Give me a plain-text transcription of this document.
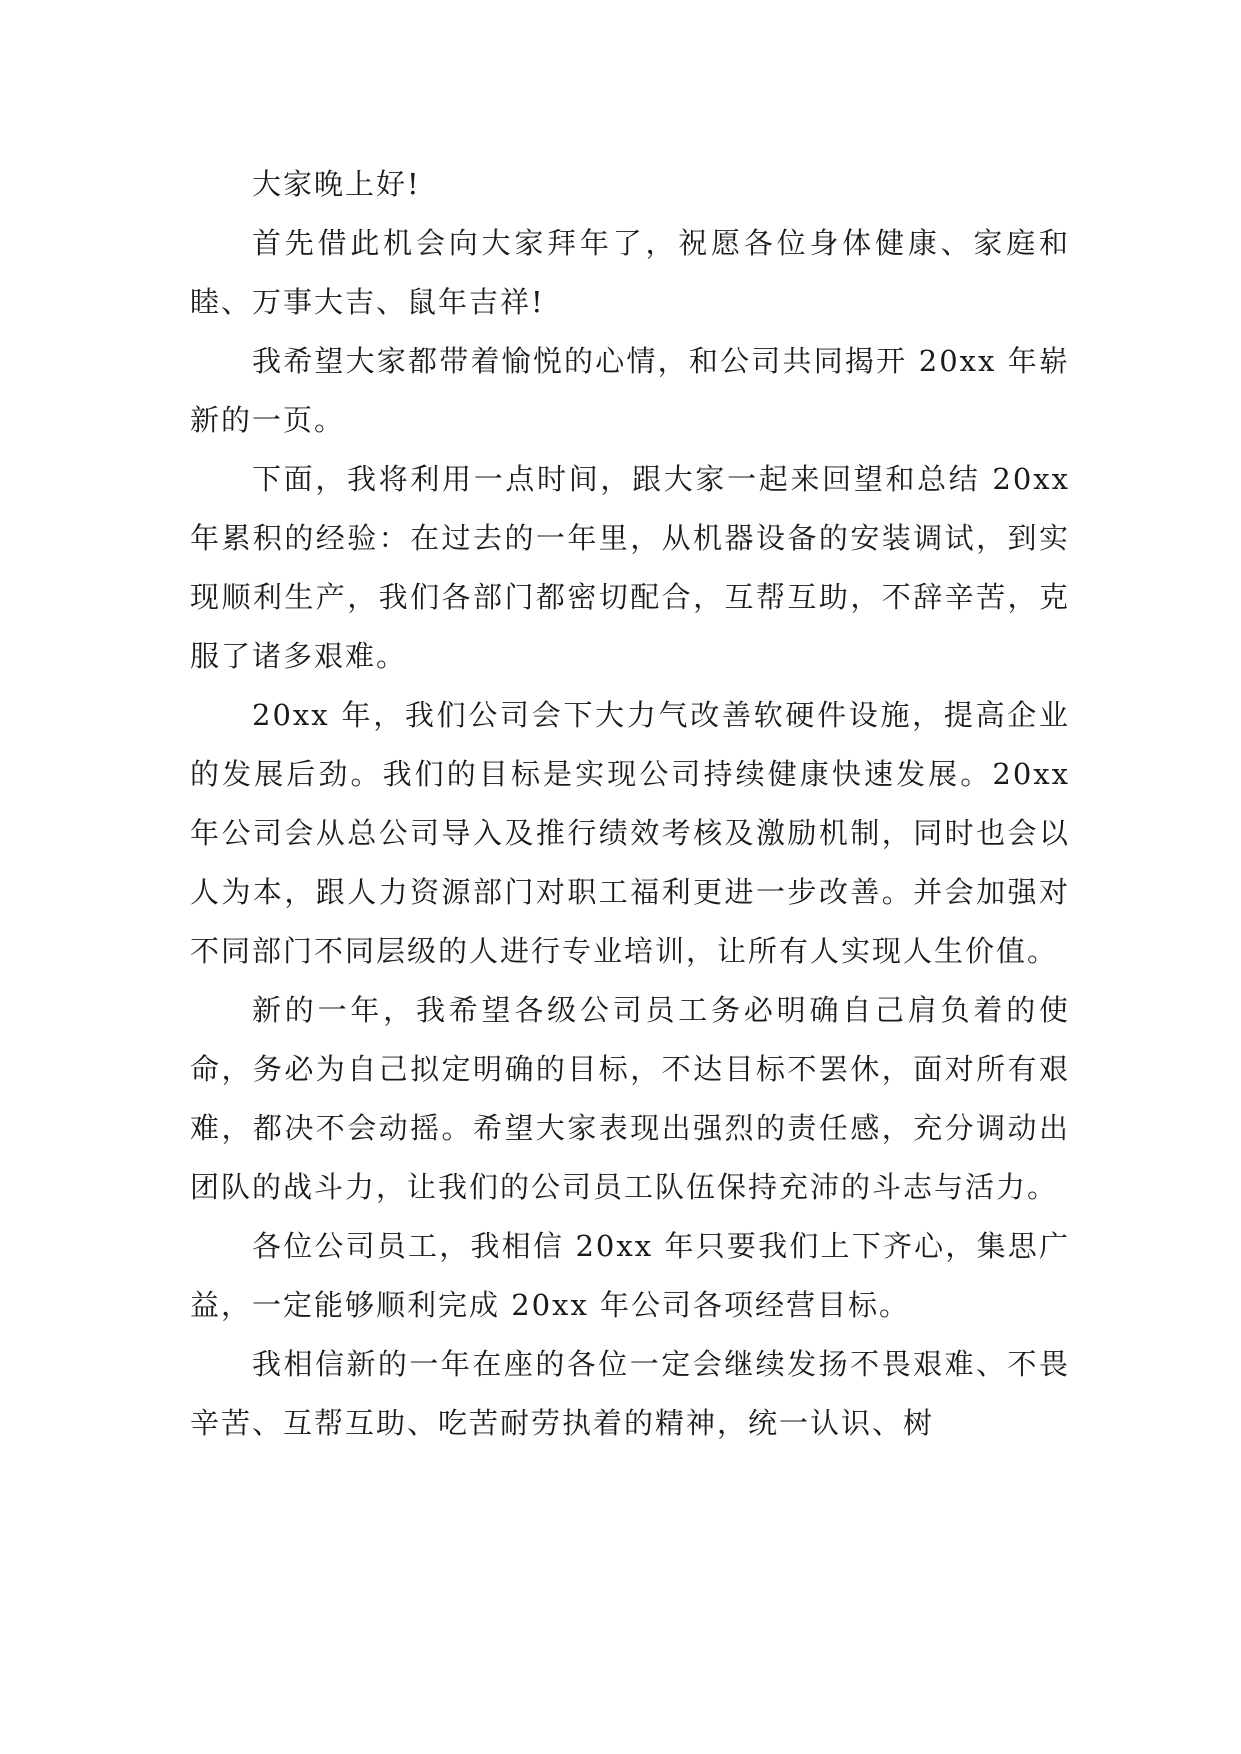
大家晚上好!

首先借此机会向大家拜年了，祝愿各位身体健康、家庭和睦、万事大吉、鼠年吉祥!

我希望大家都带着愉悦的心情，和公司共同揭开 20xx 年崭新的一页。

下面，我将利用一点时间，跟大家一起来回望和总结 20xx 年累积的经验：在过去的一年里，从机器设备的安装调试，到实现顺利生产，我们各部门都密切配合，互帮互助，不辞辛苦，克服了诸多艰难。

20xx 年，我们公司会下大力气改善软硬件设施，提高企业的发展后劲。我们的目标是实现公司持续健康快速发展。20xx 年公司会从总公司导入及推行绩效考核及激励机制，同时也会以人为本，跟人力资源部门对职工福利更进一步改善。并会加强对不同部门不同层级的人进行专业培训，让所有人实现人生价值。

新的一年，我希望各级公司员工务必明确自己肩负着的使命，务必为自己拟定明确的目标，不达目标不罢休，面对所有艰难，都决不会动摇。希望大家表现出强烈的责任感，充分调动出团队的战斗力，让我们的公司员工队伍保持充沛的斗志与活力。

各位公司员工，我相信 20xx 年只要我们上下齐心，集思广益，一定能够顺利完成 20xx 年公司各项经营目标。

我相信新的一年在座的各位一定会继续发扬不畏艰难、不畏辛苦、互帮互助、吃苦耐劳执着的精神，统一认识、树
